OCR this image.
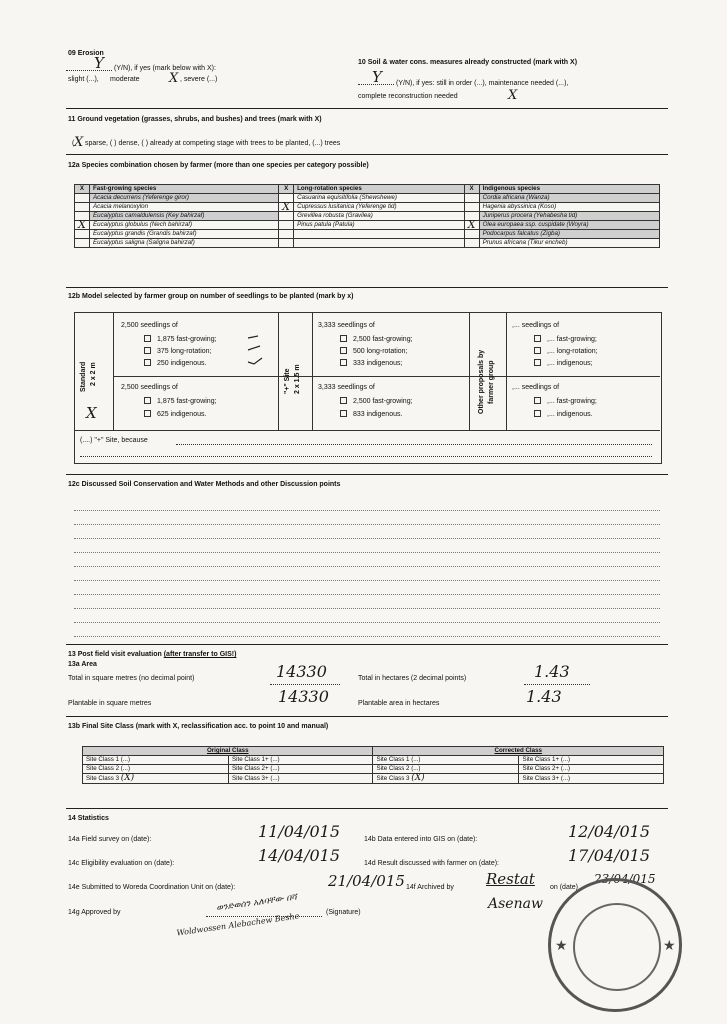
09 Erosion
Y (Y/N), if yes (mark below with X):
slight (...), moderate X , severe (...)
10 Soil & water cons. measures already constructed (mark with X)
Y (Y/N), if yes: still in order (...), maintenance needed (...),
complete reconstruction needed	X
11 Ground vegetation (grasses, shrubs, and bushes) and trees (mark with X)
( X sparse, ( ) dense, ( ) already at competing stage with trees to be planted, (...) trees
12a Species combination chosen by farmer (more than one species per category possible)
X	Fast-growing species	X	Long-rotation species	X	Indigenous species
	Acacia decurrens (Yeferenge giror)		Casuarina equisitifolia (Shewshewe)		Cordia africana (Wanza)
	Acacia melanoxylon	X	Cupressus lusitanica (Yeferenge tid)		Hagenia abyssinica (Koso)
	Eucalyptus camaldulensis (Key bahirzaf)		Grevillea robusta (Gravilea)		Juniperus procera (Yehabesha tid)
X	Eucalyptus globulus (Nech bahirzaf)		Pinus patula (Patula)	X	Olea europaea ssp. cuspidate (Woyra)
	Eucalyptus grandis (Grandis bahirzaf)				Podocarpus falcatus (Zigba)
	Eucalyptus saligna (Saligna bahirzaf)				Prunus africana (Tikur encheb)
12b Model selected by farmer group on number of seedlings to be planted (mark by x)
Standard 2 x 2 m
X
"+" Site 2 x 1.5 m	Other proposals by farmer group
2,500 seedlings of
1,875 fast-growing;
375 long-rotation;
250 indigenous.
2,500 seedlings of
1,875 fast-growing;
625 indigenous.
3,333 seedlings of
2,500 fast-growing;
500 long-rotation;
333 indigenous;
3,333 seedlings of
2,500 fast-growing;
833 indigenous.
,... seedlings of
,... fast-growing;
,... long-rotation;
,... indigenous;
,... seedlings of
,... fast-growing;
,... indigenous.
(....) "+" Site, because
12c Discussed Soil Conservation and Water Methods and other Discussion points
13 Post field visit evaluation (after transfer to GIS!)
13a Area
Total in square metres (no decimal point)	14330	Total in hectares (2 decimal points)	1.43
Plantable in square metres	14330	Plantable area in hectares	1.43
13b Final Site Class (mark with X, reclassification acc. to point 10 and manual)
Original Class		Corrected Class	
Site Class 1 (...)	Site Class 1+ (...)	Site Class 1 (...)	Site Class 1+ (...)
Site Class 2 (...)	Site Class 2+ (...)	Site Class 2 (...)	Site Class 2+ (...)
Site Class 3 (X)	Site Class 3+ (...)	Site Class 3 (X)	Site Class 3+ (...)
14 Statistics
14a Field survey on (date):	11/04/015	14b Data entered into GIS on (date):	12/04/015
14c Eligibility evaluation on (date):	14/04/015	14d Result discussed with farmer on (date):	17/04/015
14e Submitted to Woreda Coordination Unit on (date):	21/04/015 14f Archived by Restat on (date)
23/04/015
14g Approved by	(Signature)
ወንድወሰን አለባቸው በሻ
Woldwossen Alebachew Beshe
Asenaw
★	★
